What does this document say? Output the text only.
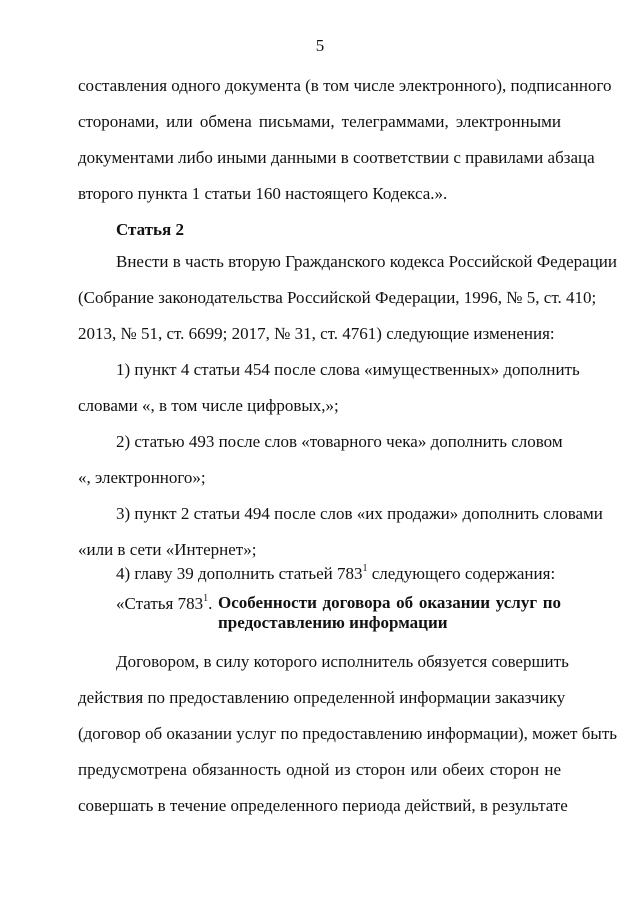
5
составления одного документа (в том числе электронного), подписанного
сторонами, или обмена письмами, телеграммами, электронными
документами либо иными данными в соответствии с правилами абзаца
второго пункта 1 статьи 160 настоящего Кодекса.».
Статья 2
Внести в часть вторую Гражданского кодекса Российской Федерации
(Собрание законодательства Российской Федерации, 1996, № 5, ст. 410;
2013, № 51, ст. 6699; 2017, № 31, ст. 4761) следующие изменения:
1) пункт 4 статьи 454 после слова «имущественных» дополнить
словами «, в том числе цифровых,»;
2) статью 493 после слов «товарного чека» дополнить словом
«, электронного»;
3) пункт 2 статьи 494 после слов «их продажи» дополнить словами
«или в сети «Интернет»;
4) главу 39 дополнить статьей $783^1$ следующего содержания:
«Статья $783^1$. Особенности договора об оказании услуг по
предоставлению информации
Договором, в силу которого исполнитель обязуется совершить
действия по предоставлению определенной информации заказчику
(договор об оказании услуг по предоставлению информации), может быть
предусмотрена обязанность одной из сторон или обеих сторон не
совершать в течение определенного периода действий, в результате
